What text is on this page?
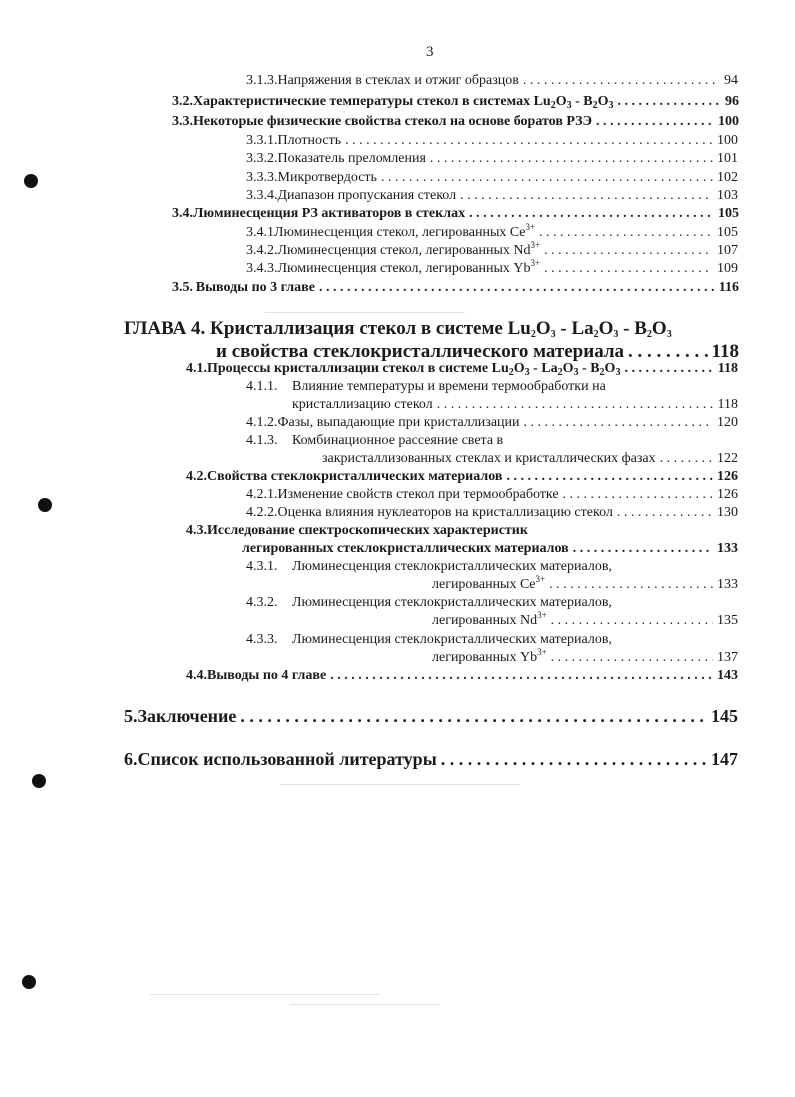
3
3.1.3. Напряжения в стеклах и отжиг образцов . . .	94
3.2. Характеристические температуры стекол в системах $Lu_2O_3 - B_2O_3$ . . .	96
3.3. Некоторые физические свойства стекол на основе боратов РЗЭ . . .	100
3.3.1. Плотность . . .	100
3.3.2. Показатель преломления . . .	101
3.3.3. Микротвердость . . .	102
3.3.4. Диапазон пропускания стекол . . .	103
3.4. Люминесценция РЗ активаторов в стеклах . . .	105
3.4.1 Люминесценция стекол, легированных $Ce^{3+}$ . . .	105
3.4.2. Люминесценция стекол, легированных $Nd^{3+}$ . . .	107
3.4.3. Люминесценция стекол, легированных $Yb^{3+}$ . . .	109
3.5. Выводы по 3 главе . . .	116
ГЛАВА 4. Кристаллизация стекол в системе $Lu_2O_3 - La_2O_3 - B_2O_3$
и свойства стеклокристаллического материала . . .	118
4.1. Процессы кристаллизации стекол в системе $Lu_2O_3 - La_2O_3 - B_2O_3$ . . .	118
4.1.1.	Влияние температуры и времени термообработки на
кристаллизацию стекол . . .	118
4.1.2. Фазы, выпадающие при кристаллизации . . .	120
4.1.3.	Комбинационное рассеяние света в
закристаллизованных стеклах и кристаллических фазах . . .	122
4.2. Свойства стеклокристаллических материалов . . .	126
4.2.1. Изменение свойств стекол при термообработке . . .	126
4.2.2. Оценка влияния нуклеаторов на кристаллизацию стекол . . .	130
4.3. Исследование спектроскопических характеристик
легированных стеклокристаллических материалов . . .	133
4.3.1.	Люминесценция стеклокристаллических материалов,
легированных $Ce^{3+}$ . . .	133
4.3.2.	Люминесценция стеклокристаллических материалов,
легированных $Nd^{3+}$ . . .	135
4.3.3.	Люминесценция стеклокристаллических материалов,
легированных $Yb^{3+}$ . . .	137
4.4. Выводы по 4 главе . . .	143
5. Заключение . . .	145
6. Список использованной литературы . . .	147
